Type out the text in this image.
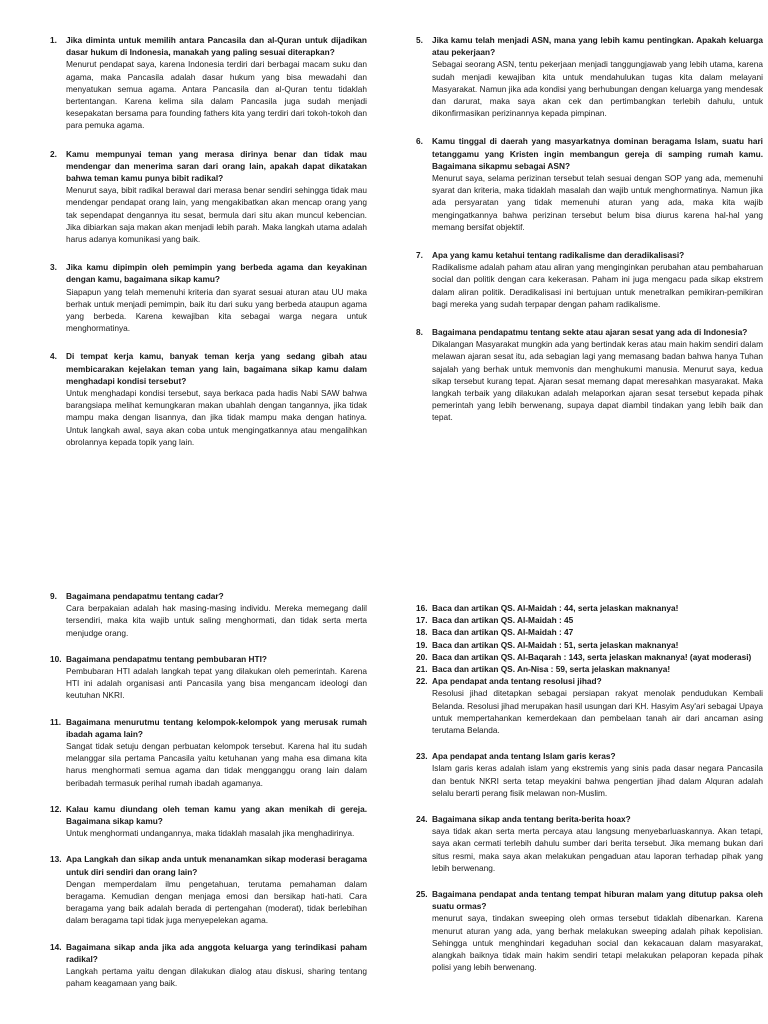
1.	Jika diminta untuk memilih antara Pancasila dan al-Quran untuk dijadikan dasar hukum di Indonesia, manakah yang paling sesuai diterapkan?
Menurut pendapat saya, karena Indonesia terdiri dari berbagai macam suku dan agama, maka Pancasila adalah dasar hukum yang bisa mewadahi dan menyatukan semua agama. Antara Pancasila dan al-Quran tentu tidaklah bertentangan. Karena kelima sila dalam Pancasila juga sudah menjadi kesepakatan bersama para founding fathers kita yang terdiri dari tokoh-tokoh dan para pemuka agama.
2.	Kamu mempunyai teman yang merasa dirinya benar dan tidak mau mendengar dan menerima saran dari orang lain, apakah dapat dikatakan bahwa teman kamu punya bibit radikal?
Menurut saya, bibit radikal berawal dari merasa benar sendiri sehingga tidak mau mendengar pendapat orang lain, yang mengakibatkan akan mencap orang yang tak sependapat dengannya itu sesat, bermula dari situ akan muncul kebencian. Jika dibiarkan saja makan akan menjadi lebih parah. Maka langkah utama adalah harus adanya komunikasi yang baik.
3.	Jika kamu dipimpin oleh pemimpin yang berbeda agama dan keyakinan dengan kamu, bagaimana sikap kamu?
Siapapun yang telah memenuhi kriteria dan syarat sesuai aturan atau UU maka berhak untuk menjadi pemimpin, baik itu dari suku yang berbeda ataupun agama yang berbeda. Karena kewajiban kita sebagai warga negara untuk menghormatinya.
4.	Di tempat kerja kamu, banyak teman kerja yang sedang gibah atau membicarakan kejelakan teman yang lain, bagaimana sikap kamu dalam menghadapi kondisi tersebut?
Untuk menghadapi kondisi tersebut, saya berkaca pada hadis Nabi SAW bahwa barangsiapa melihat kemungkaran makan ubahlah dengan tangannya, jika tidak mampu maka dengan lisannya, dan jika tidak mampu maka dengan hatinya. Untuk langkah awal, saya akan coba untuk mengingatkannya atau mengalihkan obrolannya kepada topik yang lain.
5.	Jika kamu telah menjadi ASN, mana yang lebih kamu pentingkan. Apakah keluarga atau pekerjaan?
Sebagai seorang ASN, tentu pekerjaan menjadi tanggungjawab yang lebih utama, karena sudah menjadi kewajiban kita untuk mendahulukan tugas kita dalam melayani Masyarakat. Namun jika ada kondisi yang berhubungan dengan keluarga yang mendesak dan darurat, maka saya akan cek dan pertimbangkan terlebih dahulu, untuk dikonfirmasikan perizinannya kepada pimpinan.
6.	Kamu tinggal di daerah yang masyarkatnya dominan beragama Islam, suatu hari tetanggamu yang Kristen ingin membangun gereja di samping rumah kamu. Bagaimana sikapmu sebagai ASN?
Menurut saya, selama perizinan tersebut telah sesuai dengan SOP yang ada, memenuhi syarat dan kriteria, maka tidaklah masalah dan wajib untuk menghormatinya. Namun jika ada persyaratan yang tidak memenuhi aturan yang ada, maka kita wajib mengingatkannya bahwa perizinan tersebut belum bisa diurus karena hal-hal yang memang bersifat objektif.
7.	Apa yang kamu ketahui tentang radikalisme dan deradikalisasi?
Radikalisme adalah paham atau aliran yang menginginkan perubahan atau pembaharuan social dan politik dengan cara kekerasan. Paham ini juga mengacu pada sikap ekstrem dalam aliran politik. Deradikalisasi ini bertujuan untuk menetralkan pemikiran-pemikiran bagi mereka yang sudah terpapar dengan paham radikalisme.
8.	Bagaimana pendapatmu tentang sekte atau ajaran sesat yang ada di Indonesia?
Dikalangan Masyarakat mungkin ada yang bertindak keras atau main hakim sendiri dalam melawan ajaran sesat itu, ada sebagian lagi yang memasang badan bahwa hanya Tuhan sajalah yang berhak untuk memvonis dan menghukumi manusia. Menurut saya, kedua sikap tersebut kurang tepat. Ajaran sesat memang dapat meresahkan masyarakat. Maka langkah terbaik yang dilakukan adalah melaporkan ajaran sesat tersebut kepada pihak pemerintah yang lebih berwenang, supaya dapat diambil tindakan yang lebih baik dan tepat.
9.	Bagaimana pendapatmu tentang cadar?
Cara berpakaian adalah hak masing-masing individu. Mereka memegang dalil tersendiri, maka kita wajib untuk saling menghormati, dan tidak serta merta menjudge orang.
10. Bagaimana pendapatmu tentang pembubaran HTI?
Pembubaran HTI adalah langkah tepat yang dilakukan oleh pemerintah. Karena HTI ini adalah organisasi anti Pancasila yang bisa mengancam ideologi dan keutuhan NKRI.
11. Bagaimana menurutmu tentang kelompok-kelompok yang merusak rumah ibadah agama lain?
Sangat tidak setuju dengan perbuatan kelompok tersebut. Karena hal itu sudah melanggar sila pertama Pancasila yaitu ketuhanan yang maha esa dimana kita harus menghormati semua agama dan tidak mengganggu orang lain dalam beribadah termasuk perihal rumah ibadah agamanya.
12. Kalau kamu diundang oleh teman kamu yang akan menikah di gereja. Bagaimana sikap kamu?
Untuk menghormati undangannya, maka tidaklah masalah jika menghadirinya.
13. Apa Langkah dan sikap anda untuk menanamkan sikap moderasi beragama untuk diri sendiri dan orang lain?
Dengan memperdalam ilmu pengetahuan, terutama pemahaman dalam beragama. Kemudian dengan menjaga emosi dan bersikap hati-hati. Cara beragama yang baik adalah berada di pertengahan (moderat), tidak berlebihan dalam beragama tapi tidak juga menyepelekan agama.
14. Bagaimana sikap anda jika ada anggota keluarga yang terindikasi paham radikal?
Langkah pertama yaitu dengan dilakukan dialog atau diskusi, sharing tentang paham keagamaan yang baik.
16. Baca dan artikan QS. Al-Maidah : 44, serta jelaskan maknanya!
17. Baca dan artikan QS. Al-Maidah : 45
18. Baca dan artikan QS. Al-Maidah : 47
19. Baca dan artikan QS. Al-Maidah : 51, serta jelaskan maknanya!
20. Baca dan artikan QS. Al-Baqarah : 143, serta jelaskan maknanya! (ayat moderasi)
21. Baca dan artikan QS. An-Nisa : 59, serta jelaskan maknanya!
22. Apa pendapat anda tentang resolusi jihad?
Resolusi jihad ditetapkan sebagai persiapan rakyat menolak pendudukan Kembali Belanda. Resolusi jihad merupakan hasil usungan dari KH. Hasyim Asy'ari sebagai Upaya untuk mempertahankan kemerdekaan dan pembelaan tanah air dari ancaman asing terutama Belanda.
23. Apa pendapat anda tentang Islam garis keras?
Islam garis keras adalah islam yang ekstremis yang sinis pada dasar negara Pancasila dan bentuk NKRI serta tetap meyakini bahwa pengertian jihad dalam Alquran adalah selalu berarti perang fisik melawan non-Muslim.
24. Bagaimana sikap anda tentang berita-berita hoax?
saya tidak akan serta merta percaya atau langsung menyebarluaskannya. Akan tetapi, saya akan cermati terlebih dahulu sumber dari berita tersebut. Jika memang bukan dari situs resmi, maka saya akan melakukan pengaduan atau laporan terhadap pihak yang lebih berwenang.
25. Bagaimana pendapat anda tentang tempat hiburan malam yang ditutup paksa oleh suatu ormas?
menurut saya, tindakan sweeping oleh ormas tersebut tidaklah dibenarkan. Karena menurut aturan yang ada, yang berhak melakukan sweeping adalah pihak kepolisian. Sehingga untuk menghindari kegaduhan social dan kekacauan dalam masyarakat, alangkah baiknya tidak main hakim sendiri tetapi melakukan pelaporan kepada pihak polisi yang lebih berwenang.
